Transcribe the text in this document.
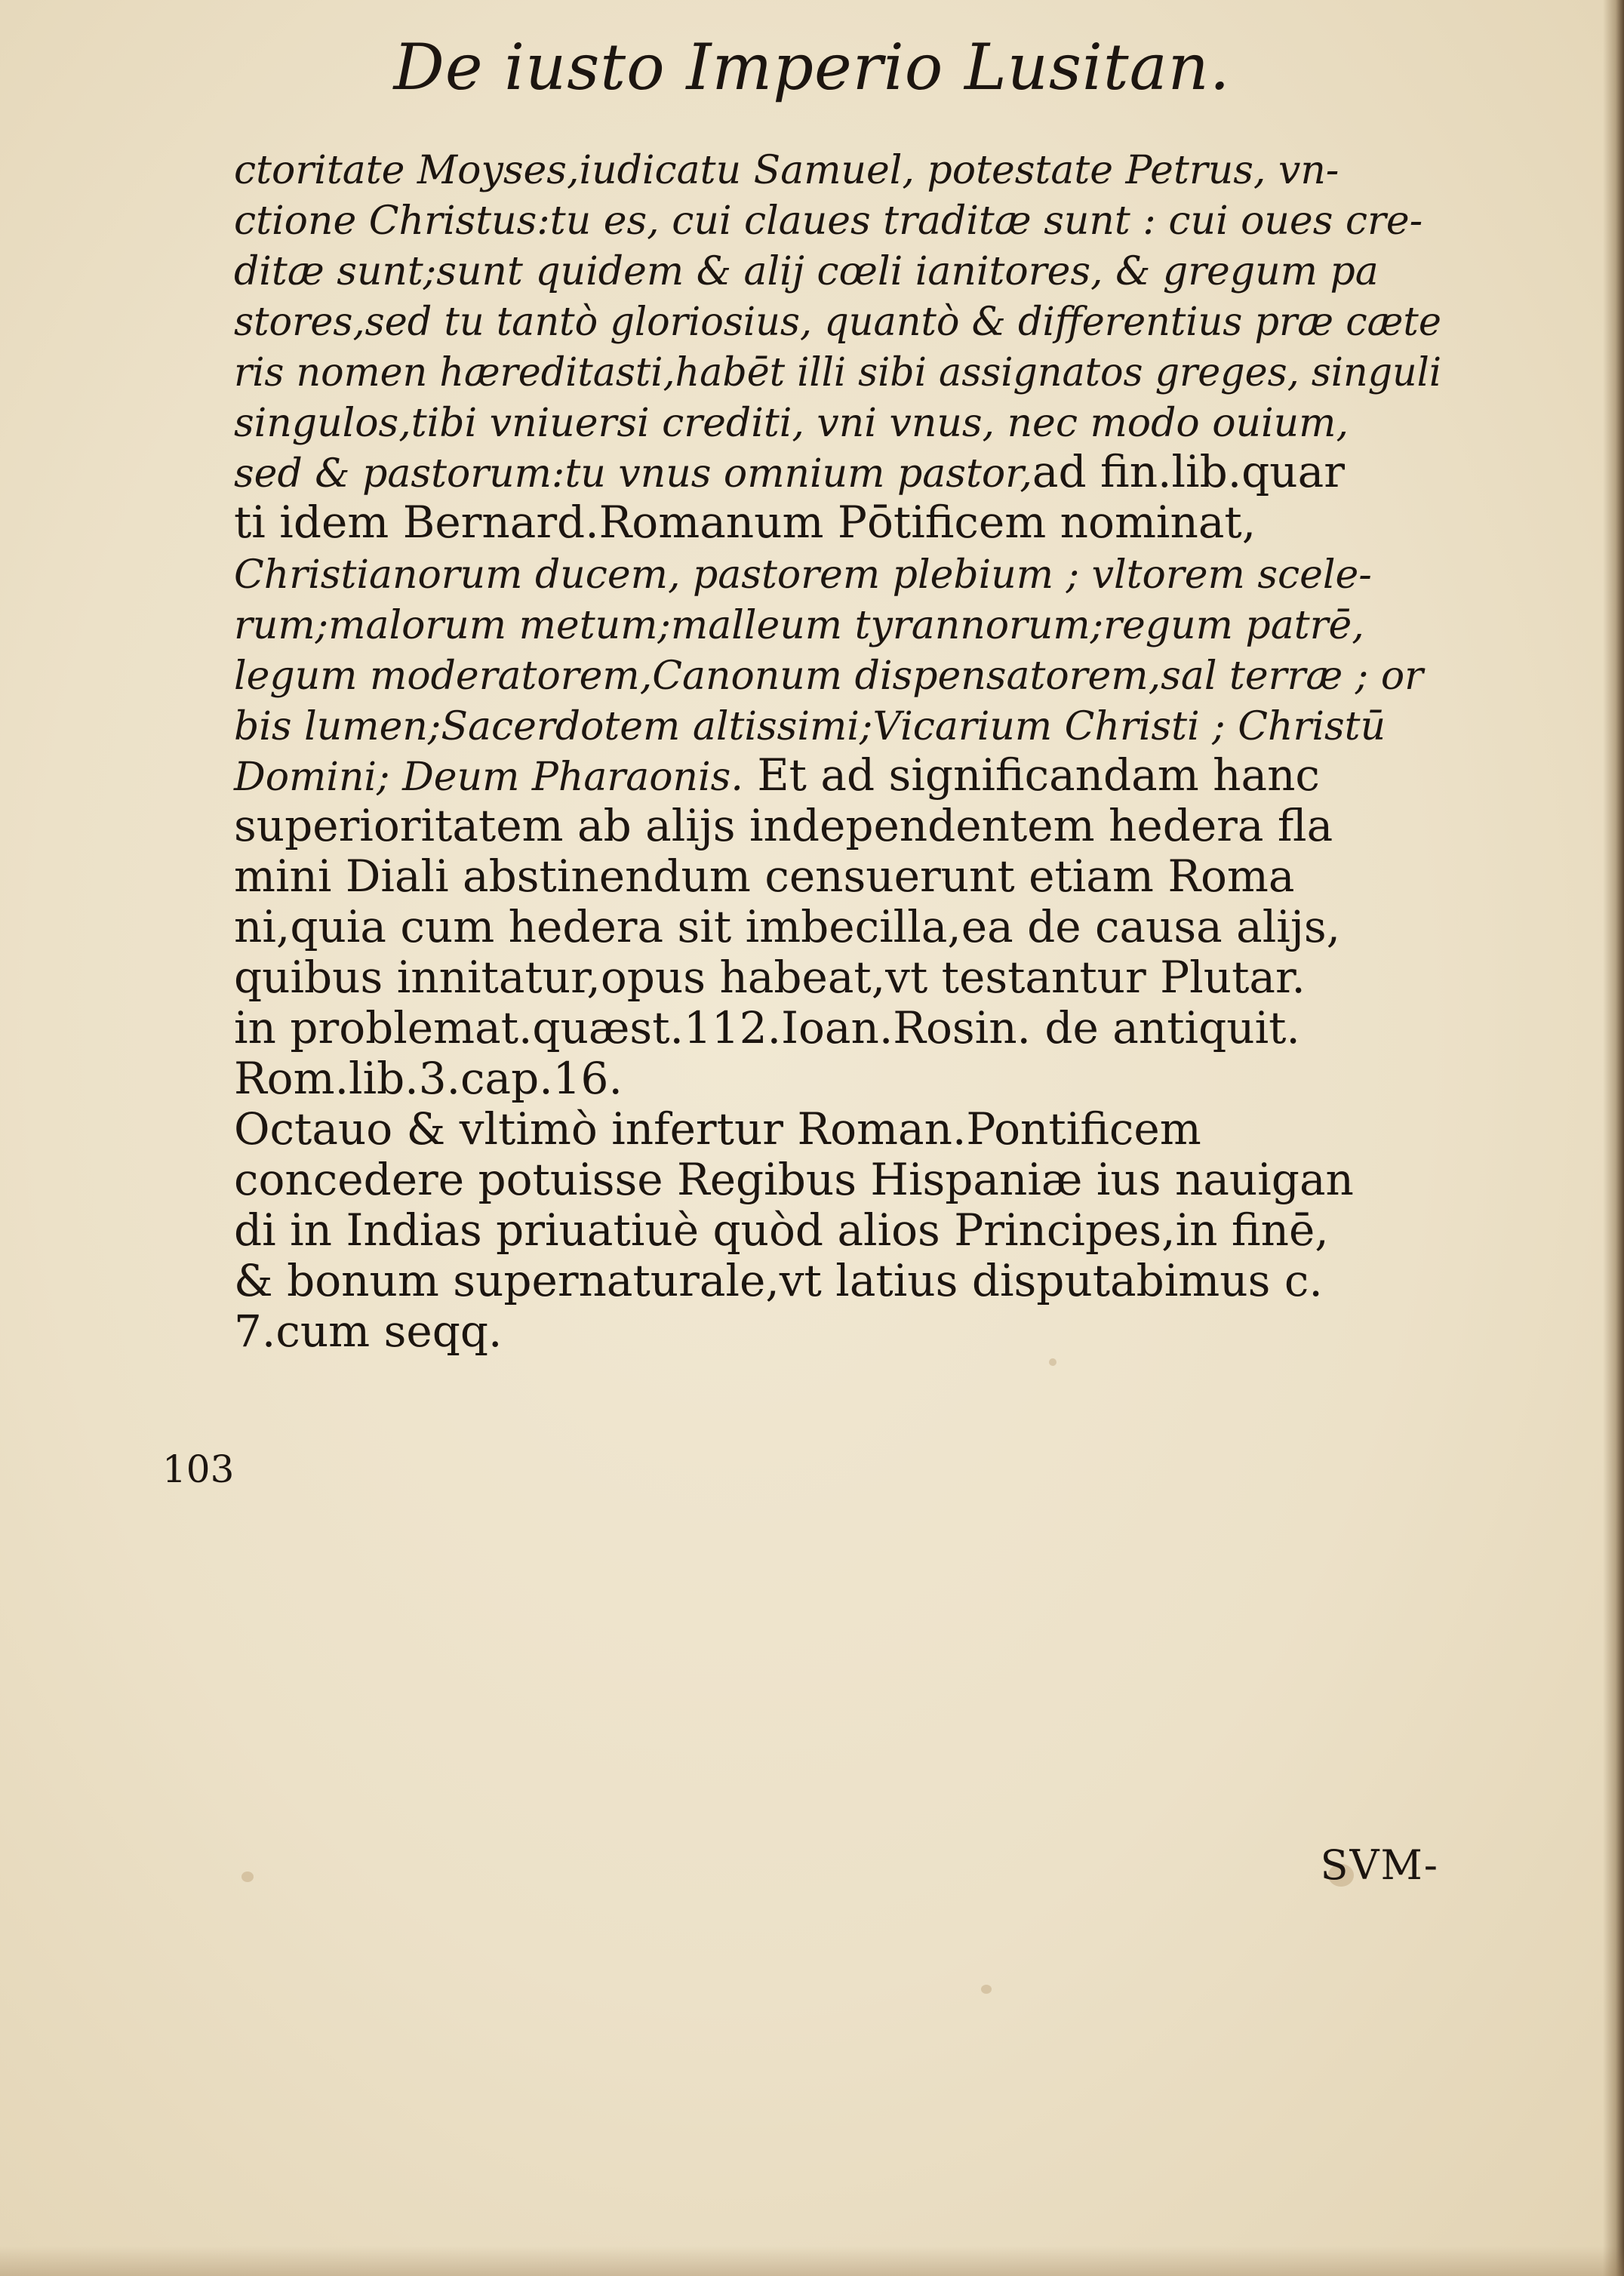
De iusto Imperio Lusitan.
ctoritate Moyses,iudicatu Samuel, potestate Petrus, vn-
ctione Christus:tu es, cui claues traditæ sunt : cui oues cre-
ditæ sunt;sunt quidem & alij cœli ianitores, & gregum pa
stores,sed tu tantò gloriosius, quantò & differentius præ cæte
ris nomen hæreditasti,habēt illi sibi assignatos greges, singuli
singulos,tibi vniuersi crediti, vni vnus, nec modo ouium,
sed & pastorum:tu vnus omnium pastor,ad fin.lib.quar
ti idem Bernard.Romanum Pōtificem nominat,
Christianorum ducem, pastorem plebium ; vltorem scele-
rum;malorum metum;malleum tyrannorum;regum patrē,
legum moderatorem,Canonum dispensatorem,sal terræ ; or
bis lumen;Sacerdotem altissimi;Vicarium Christi ; Christū
Domini; Deum Pharaonis. Et ad significandam hanc
superioritatem ab alijs independentem hedera fla
mini Diali abstinendum censuerunt etiam Roma
ni,quia cum hedera sit imbecilla,ea de causa alijs,
quibus innitatur,opus habeat,vt testantur Plutar.
in problemat.quæst.112.Ioan.Rosin. de antiquit.
Rom.lib.3.cap.16.
Octauo & vltimò infertur Roman.Pontificem
concedere potuisse Regibus Hispaniæ ius nauigan
di in Indias priuatiuè quòd alios Principes,in finē,
& bonum supernaturale,vt latius disputabimus c.
7.cum seqq.
103
SVM-
